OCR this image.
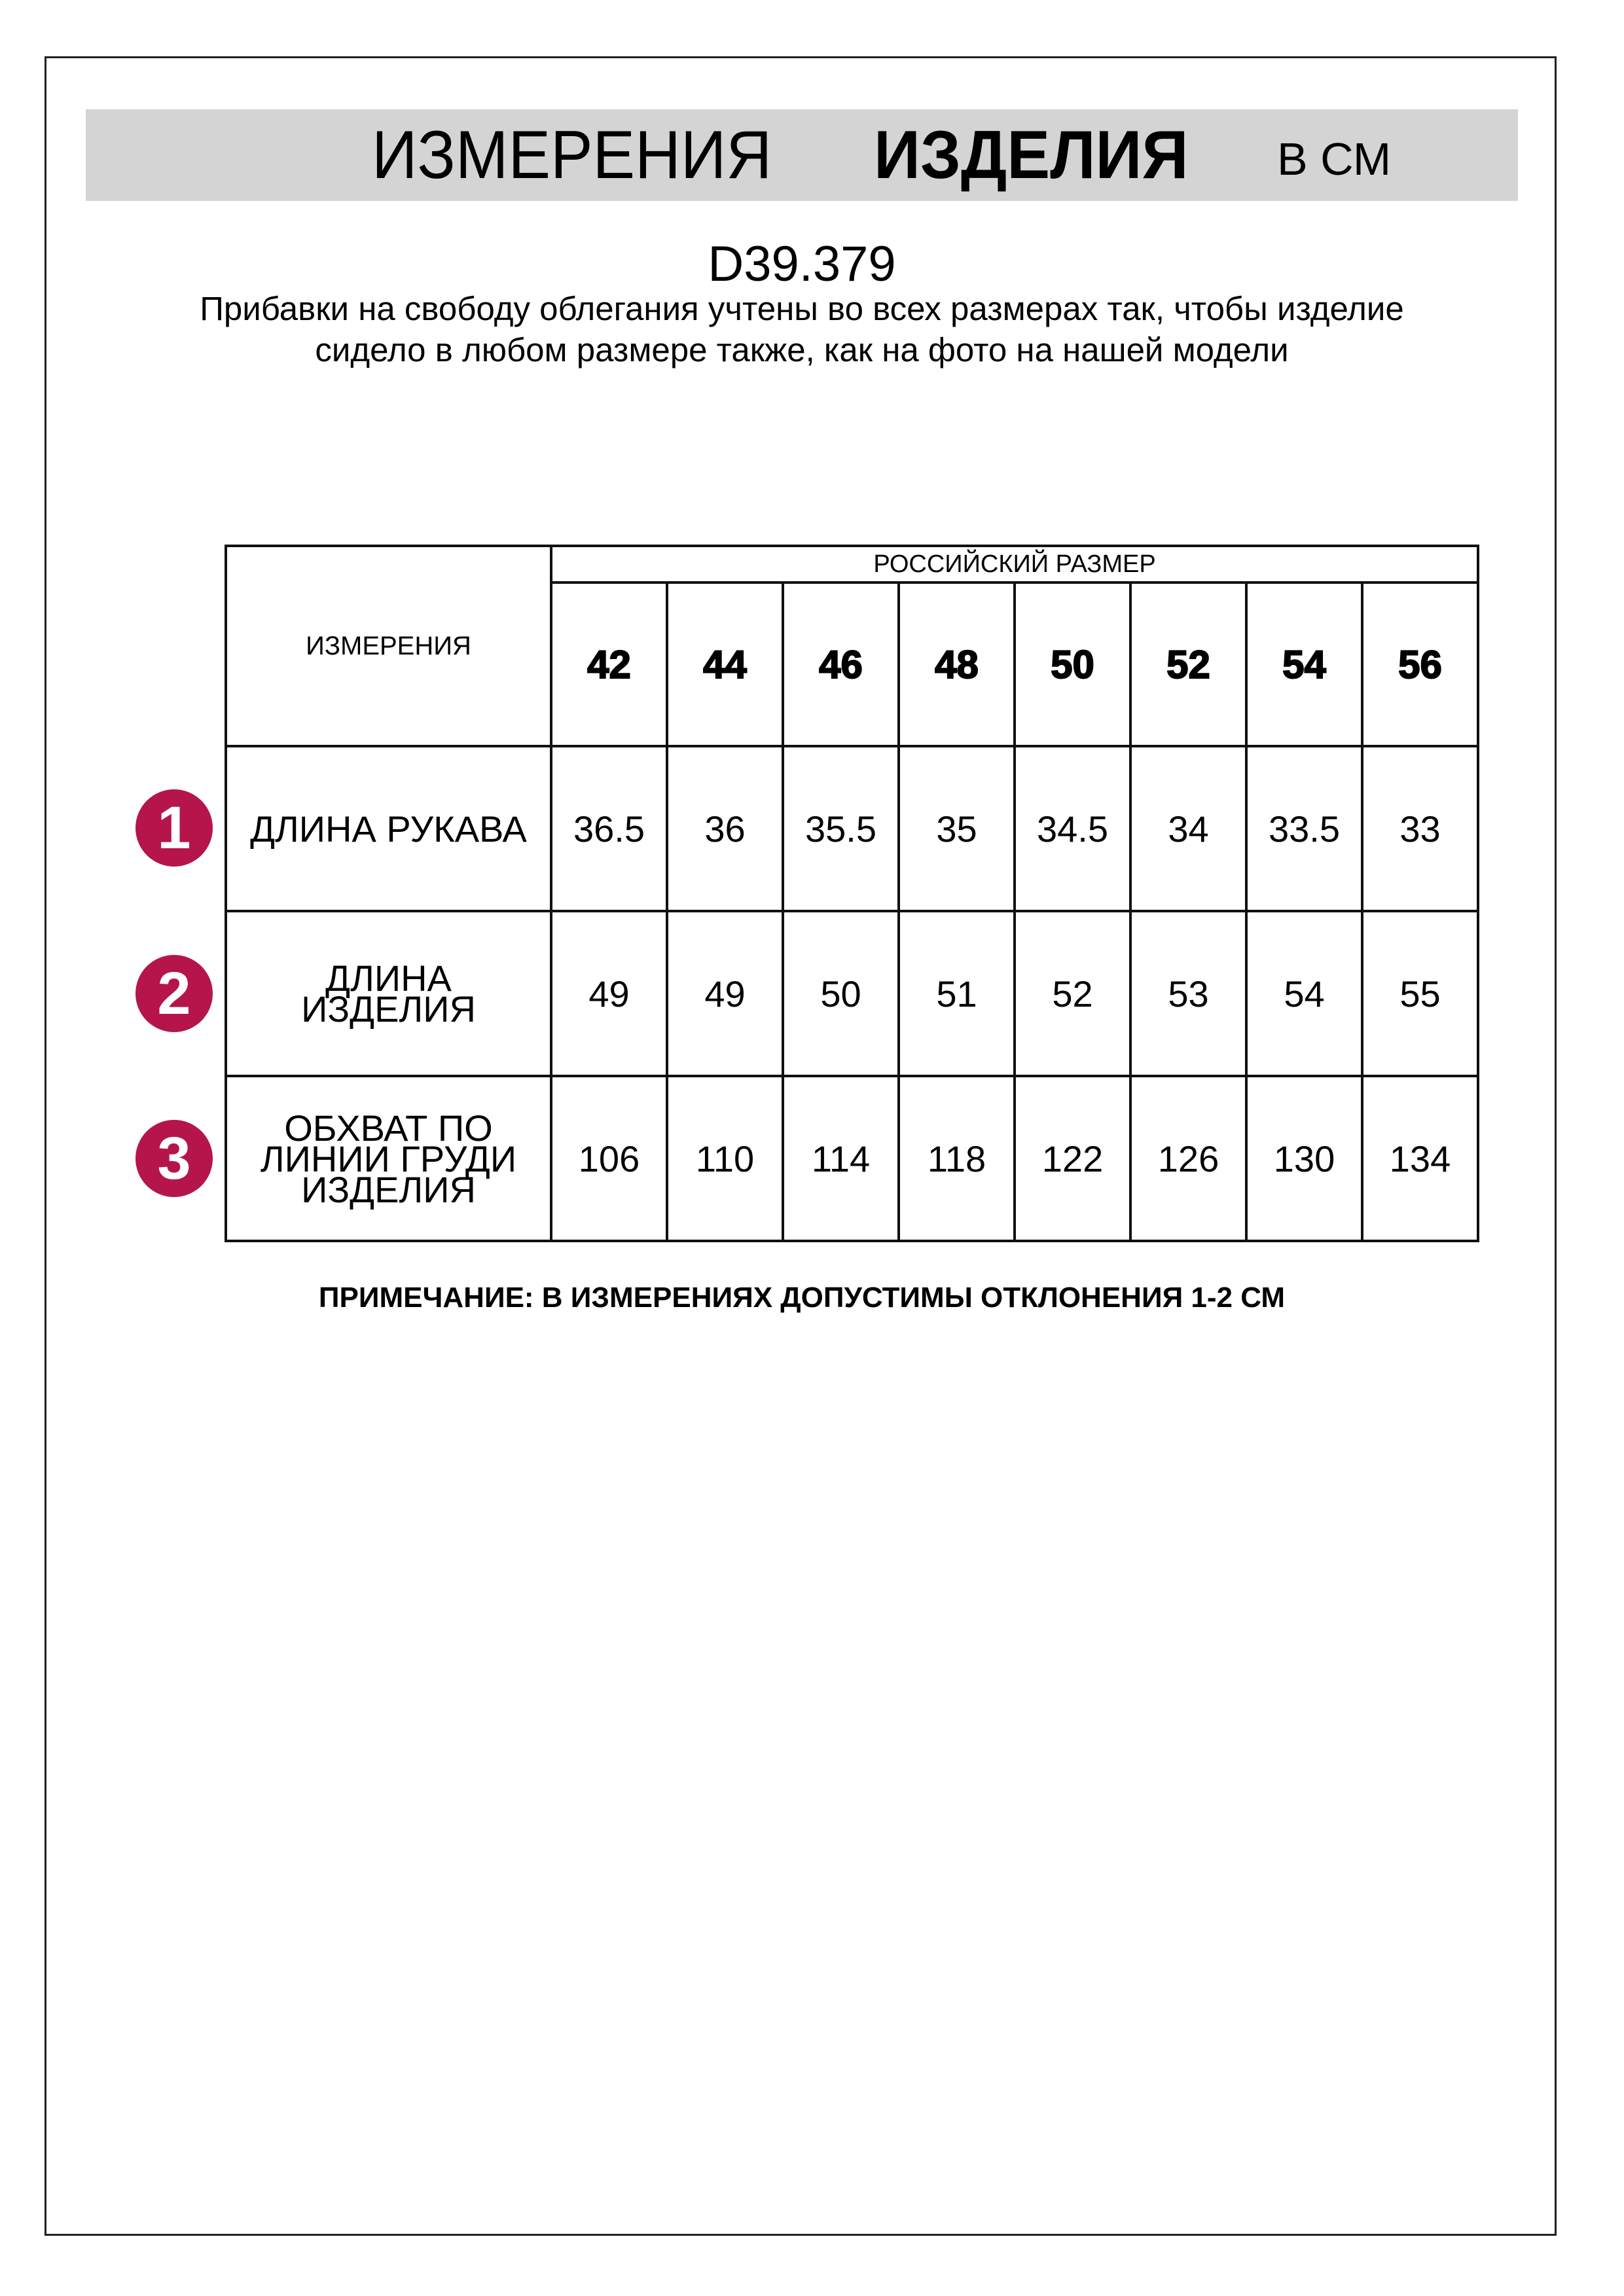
ИЗМЕРЕНИЯ ИЗДЕЛИЯ В СМ
D39.379
Прибавки на свободу облегания учтены во всех размерах так, чтобы изделие сидело в любом размере также, как на фото на нашей модели
ИЗМЕРЕНИЯ	РОССИЙСКИЙ РАЗМЕР							
	42	44	46	48	50	52	54	56
ДЛИНА РУКАВА	36.5	36	35.5	35	34.5	34	33.5	33
ДЛИНА ИЗДЕЛИЯ	49	49	50	51	52	53	54	55
ОБХВАТ ПО ЛИНИИ ГРУДИ ИЗДЕЛИЯ	106	110	114	118	122	126	130	134
1
2
3
ПРИМЕЧАНИЕ: В ИЗМЕРЕНИЯХ ДОПУСТИМЫ ОТКЛОНЕНИЯ 1-2 СМ
